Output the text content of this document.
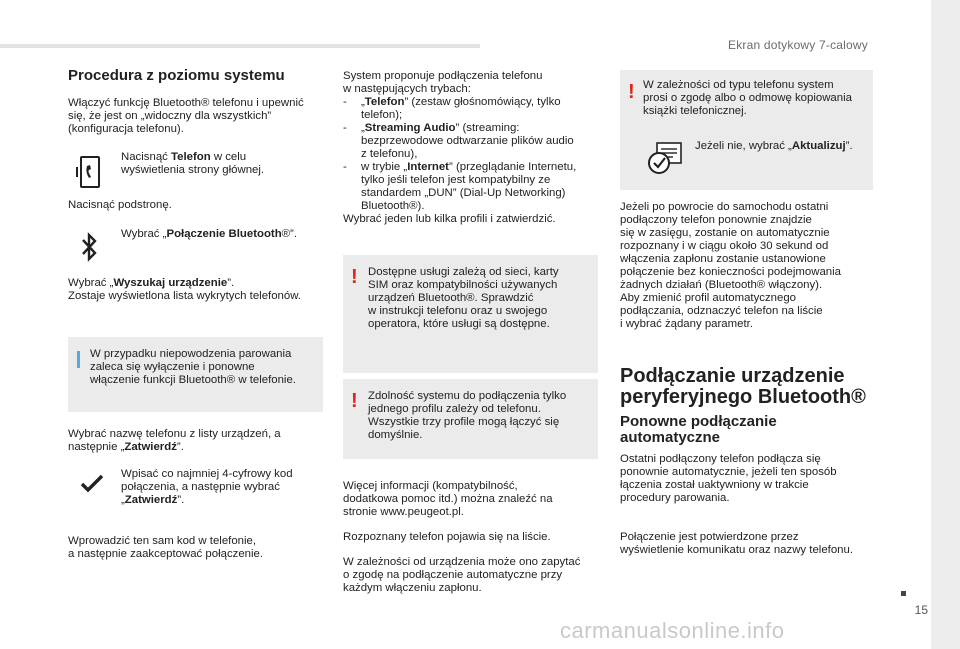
Ekran dotykowy 7-calowy
15
carmanualsonline.info
Procedura z poziomu systemu
Włączyć funkcję Bluetooth® telefonu i upewnić
się, że jest on „widoczny dla wszystkich”
(konfiguracja telefonu).
Nacisnąć Telefon w celu
wyświetlenia strony głównej.
Nacisnąć podstronę.
Wybrać „Połączenie Bluetooth®”.
Wybrać „Wyszukaj urządzenie”.
Zostaje wyświetlona lista wykrytych telefonów.
W przypadku niepowodzenia parowania
zaleca się wyłączenie i ponowne
włączenie funkcji Bluetooth® w telefonie.
Wybrać nazwę telefonu z listy urządzeń, a
następnie „Zatwierdź”.
Wpisać co najmniej 4-cyfrowy kod
połączenia, a następnie wybrać
„Zatwierdź”.
Wprowadzić ten sam kod w telefonie,
a następnie zaakceptować połączenie.
System proponuje podłączenia telefonu
w następujących trybach:
-	„Telefon” (zestaw głośnomówiący, tylko
telefon);
-	„Streaming Audio” (streaming:
bezprzewodowe odtwarzanie plików audio
z telefonu),
-	w trybie „Internet” (przeglądanie Internetu,
tylko jeśli telefon jest kompatybilny ze
standardem „DUN” (Dial-Up Networking)
Bluetooth®).
Wybrać jeden lub kilka profili i zatwierdzić.
! Dostępne usługi zależą od sieci, karty
SIM oraz kompatybilności używanych
urządzeń Bluetooth®. Sprawdzić
w instrukcji telefonu oraz u swojego
operatora, które usługi są dostępne.
! Zdolność systemu do podłączenia tylko
jednego profilu zależy od telefonu.
Wszystkie trzy profile mogą łączyć się
domyślnie.
Więcej informacji (kompatybilność,
dodatkowa pomoc itd.) można znaleźć na
stronie www.peugeot.pl.
Rozpoznany telefon pojawia się na liście.
W zależności od urządzenia może ono zapytać
o zgodę na podłączenie automatyczne przy
każdym włączeniu zapłonu.
! W zależności od typu telefonu system
prosi o zgodę albo o odmowę kopiowania
książki telefonicznej.
Jeżeli nie, wybrać „Aktualizuj”.
Jeżeli po powrocie do samochodu ostatni
podłączony telefon ponownie znajdzie
się w zasięgu, zostanie on automatycznie
rozpoznany i w ciągu około 30 sekund od
włączenia zapłonu zostanie ustanowione
połączenie bez konieczności podejmowania
żadnych działań (Bluetooth® włączony).
Aby zmienić profil automatycznego
podłączania, odznaczyć telefon na liście
i wybrać żądany parametr.
Podłączanie urządzenie
peryferyjnego Bluetooth®
Ponowne podłączanie
automatyczne
Ostatni podłączony telefon podłącza się
ponownie automatycznie, jeżeli ten sposób
łączenia został uaktywniony w trakcie
procedury parowania.
Połączenie jest potwierdzone przez
wyświetlenie komunikatu oraz nazwy telefonu.
